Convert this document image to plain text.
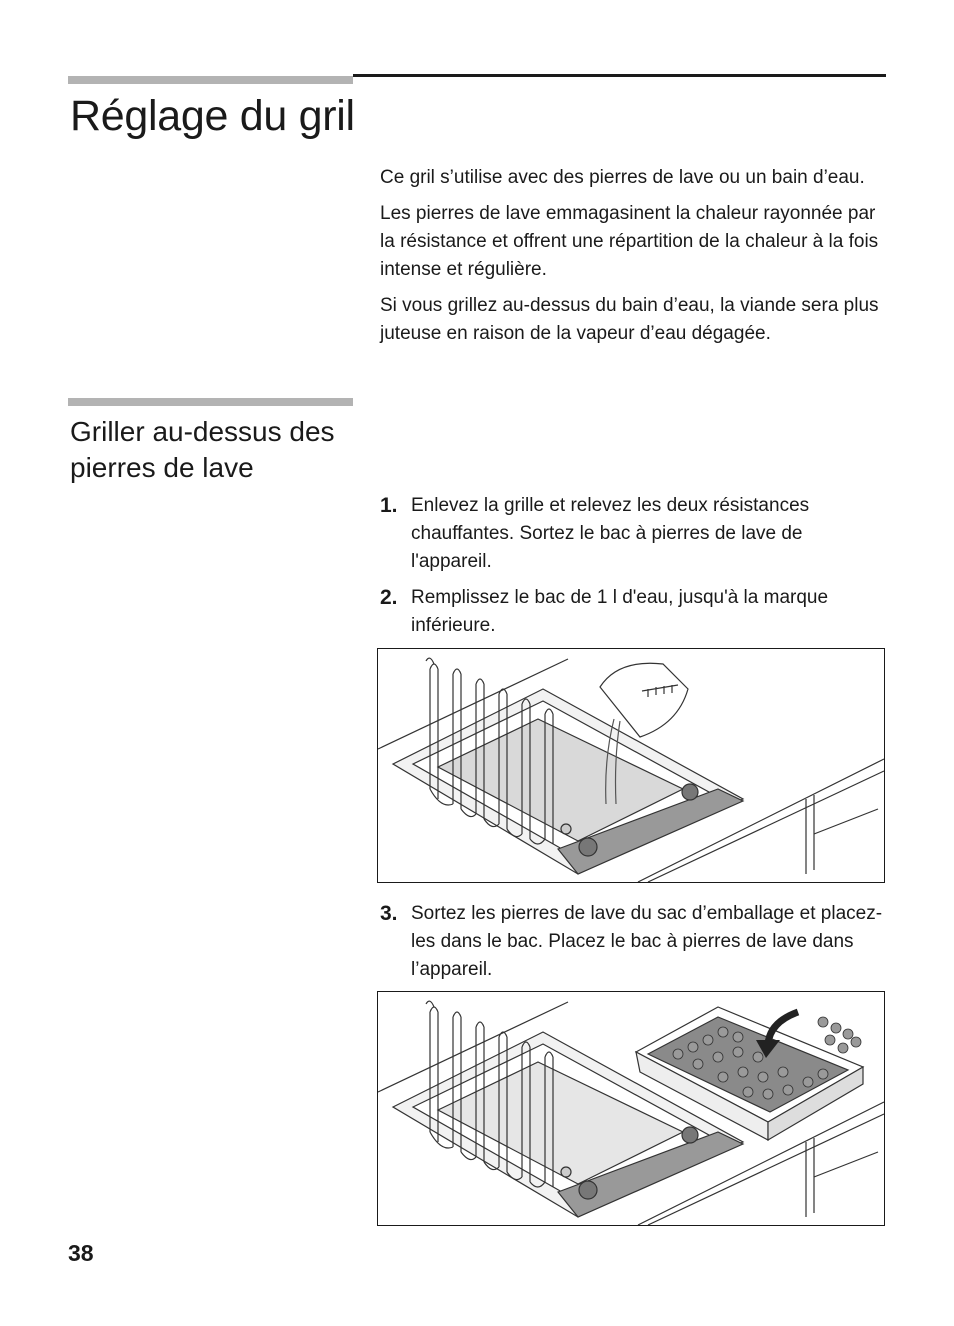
Réglage du gril

Ce gril s’utilise avec des pierres de lave ou un bain d’eau.

Les pierres de lave emmagasinent la chaleur rayonnée par la résistance et offrent une répartition de la chaleur à la fois intense et régulière.

Si vous grillez au-dessus du bain d’eau, la viande sera plus juteuse en raison de la vapeur d’eau dégagée.

Griller au-dessus des pierres de lave
1. Enlevez la grille et relevez les deux résistances chauffantes. Sortez le bac à pierres de lave de l'appareil.
2. Remplissez le bac de 1 l d'eau, jusqu'à la marque inférieure.
3. Sortez les pierres de lave du sac d’emballage et placez-les dans le bac. Placez le bac à pierres de lave dans l’appareil.
38
